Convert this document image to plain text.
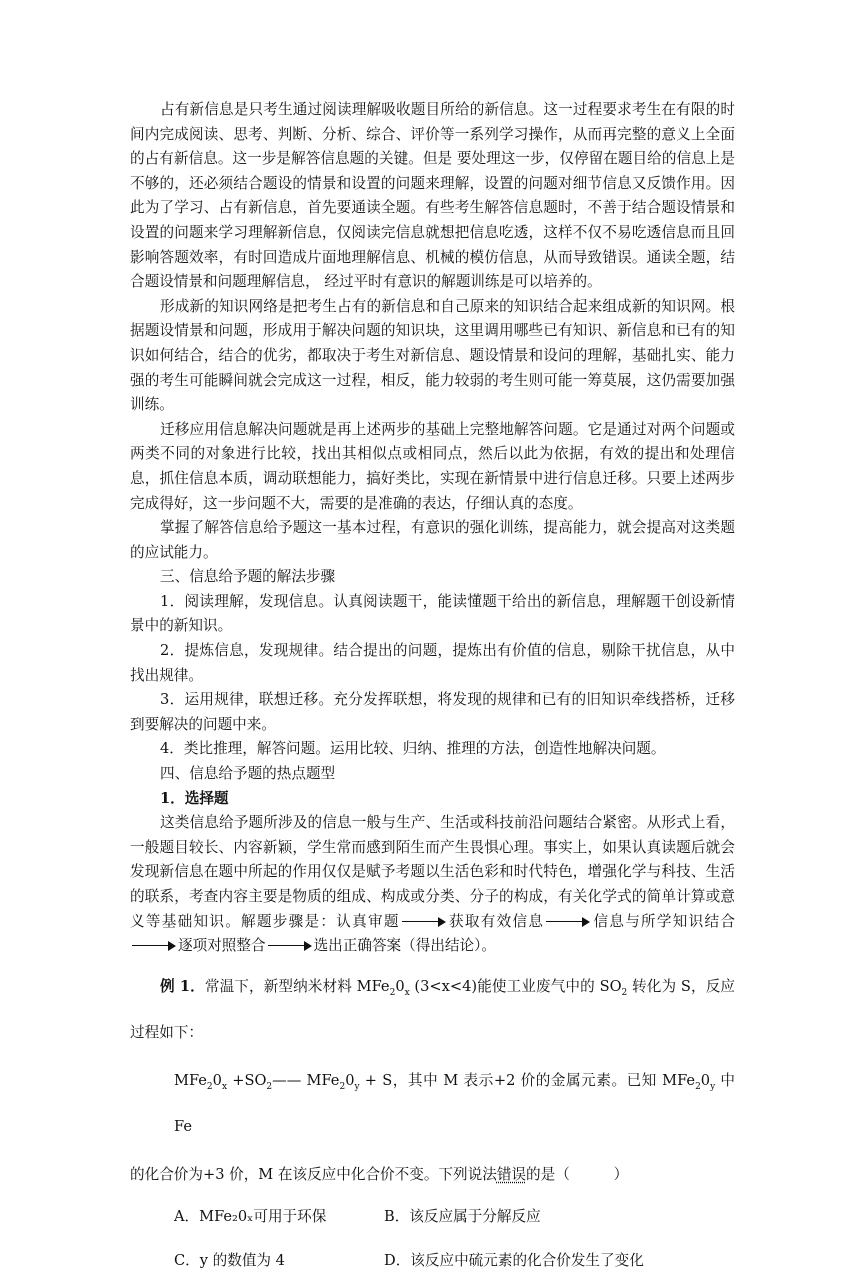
占有新信息是只考生通过阅读理解吸收题目所给的新信息。这一过程要求考生在有限的时间内完成阅读、思考、判断、分析、综合、评价等一系列学习操作，从而再完整的意义上全面的占有新信息。这一步是解答信息题的关键。但是 要处理这一步，仅停留在题目给的信息上是不够的，还必须结合题设的情景和设置的问题来理解，设置的问题对细节信息又反馈作用。因此为了学习、占有新信息，首先要通读全题。有些考生解答信息题时，不善于结合题设情景和设置的问题来学习理解新信息，仅阅读完信息就想把信息吃透，这样不仅不易吃透信息而且回影响答题效率，有时回造成片面地理解信息、机械的模仿信息，从而导致错误。通读全题，结合题设情景和问题理解信息， 经过平时有意识的解题训练是可以培养的。

形成新的知识网络是把考生占有的新信息和自己原来的知识结合起来组成新的知识网。根据题设情景和问题，形成用于解决问题的知识块，这里调用哪些已有知识、新信息和已有的知识如何结合，结合的优劣，都取决于考生对新信息、题设情景和设问的理解，基础扎实、能力强的考生可能瞬间就会完成这一过程，相反，能力较弱的考生则可能一筹莫展，这仍需要加强训练。

迁移应用信息解决问题就是再上述两步的基础上完整地解答问题。它是通过对两个问题或两类不同的对象进行比较，找出其相似点或相同点，然后以此为依据，有效的提出和处理信息，抓住信息本质，调动联想能力，搞好类比，实现在新情景中进行信息迁移。只要上述两步完成得好，这一步问题不大，需要的是准确的表达，仔细认真的态度。

掌握了解答信息给予题这一基本过程，有意识的强化训练，提高能力，就会提高对这类题的应试能力。

三、信息给予题的解法步骤

1．阅读理解，发现信息。认真阅读题干，能读懂题干给出的新信息，理解题干创设新情景中的新知识。

2．提炼信息，发现规律。结合提出的问题，提炼出有价值的信息，剔除干扰信息，从中找出规律。

3．运用规律，联想迁移。充分发挥联想，将发现的规律和已有的旧知识牵线搭桥，迁移到要解决的问题中来。

4．类比推理，解答问题。运用比较、归纳、推理的方法，创造性地解决问题。

四、信息给予题的热点题型

1．选择题

这类信息给予题所涉及的信息一般与生产、生活或科技前沿问题结合紧密。从形式上看，一般题目较长、内容新颖，学生常而感到陌生而产生畏惧心理。事实上，如果认真读题后就会发现新信息在题中所起的作用仅仅是赋予考题以生活色彩和时代特色，增强化学与科技、生活的联系，考查内容主要是物质的组成、构成或分类、分子的构成，有关化学式的简单计算或意义等基础知识。解题步骤是：认真审题	获取有效信息	信息与所学知识结合逐项对照整合	选出正确答案（得出结论）。

例 1．常温下，新型纳米材料 $MFe_20_x$ (3<x<4)能使工业废气中的 $SO_2$ 转化为 S，反应过程如下：

$MFe_20_x$ $+SO_2——$ $MFe_20_y + S$，其中 M 表示+2 价的金属元素。已知 $MFe_20_y$ 中 Fe

的化合价为+3 价，M 在该反应中化合价不变。下列说法错误的是（　　　）

A．MFe₂0ₓ可用于环保	B．该反应属于分解反应
C．y 的数值为 4	D．该反应中硫元素的化合价发生了变化
